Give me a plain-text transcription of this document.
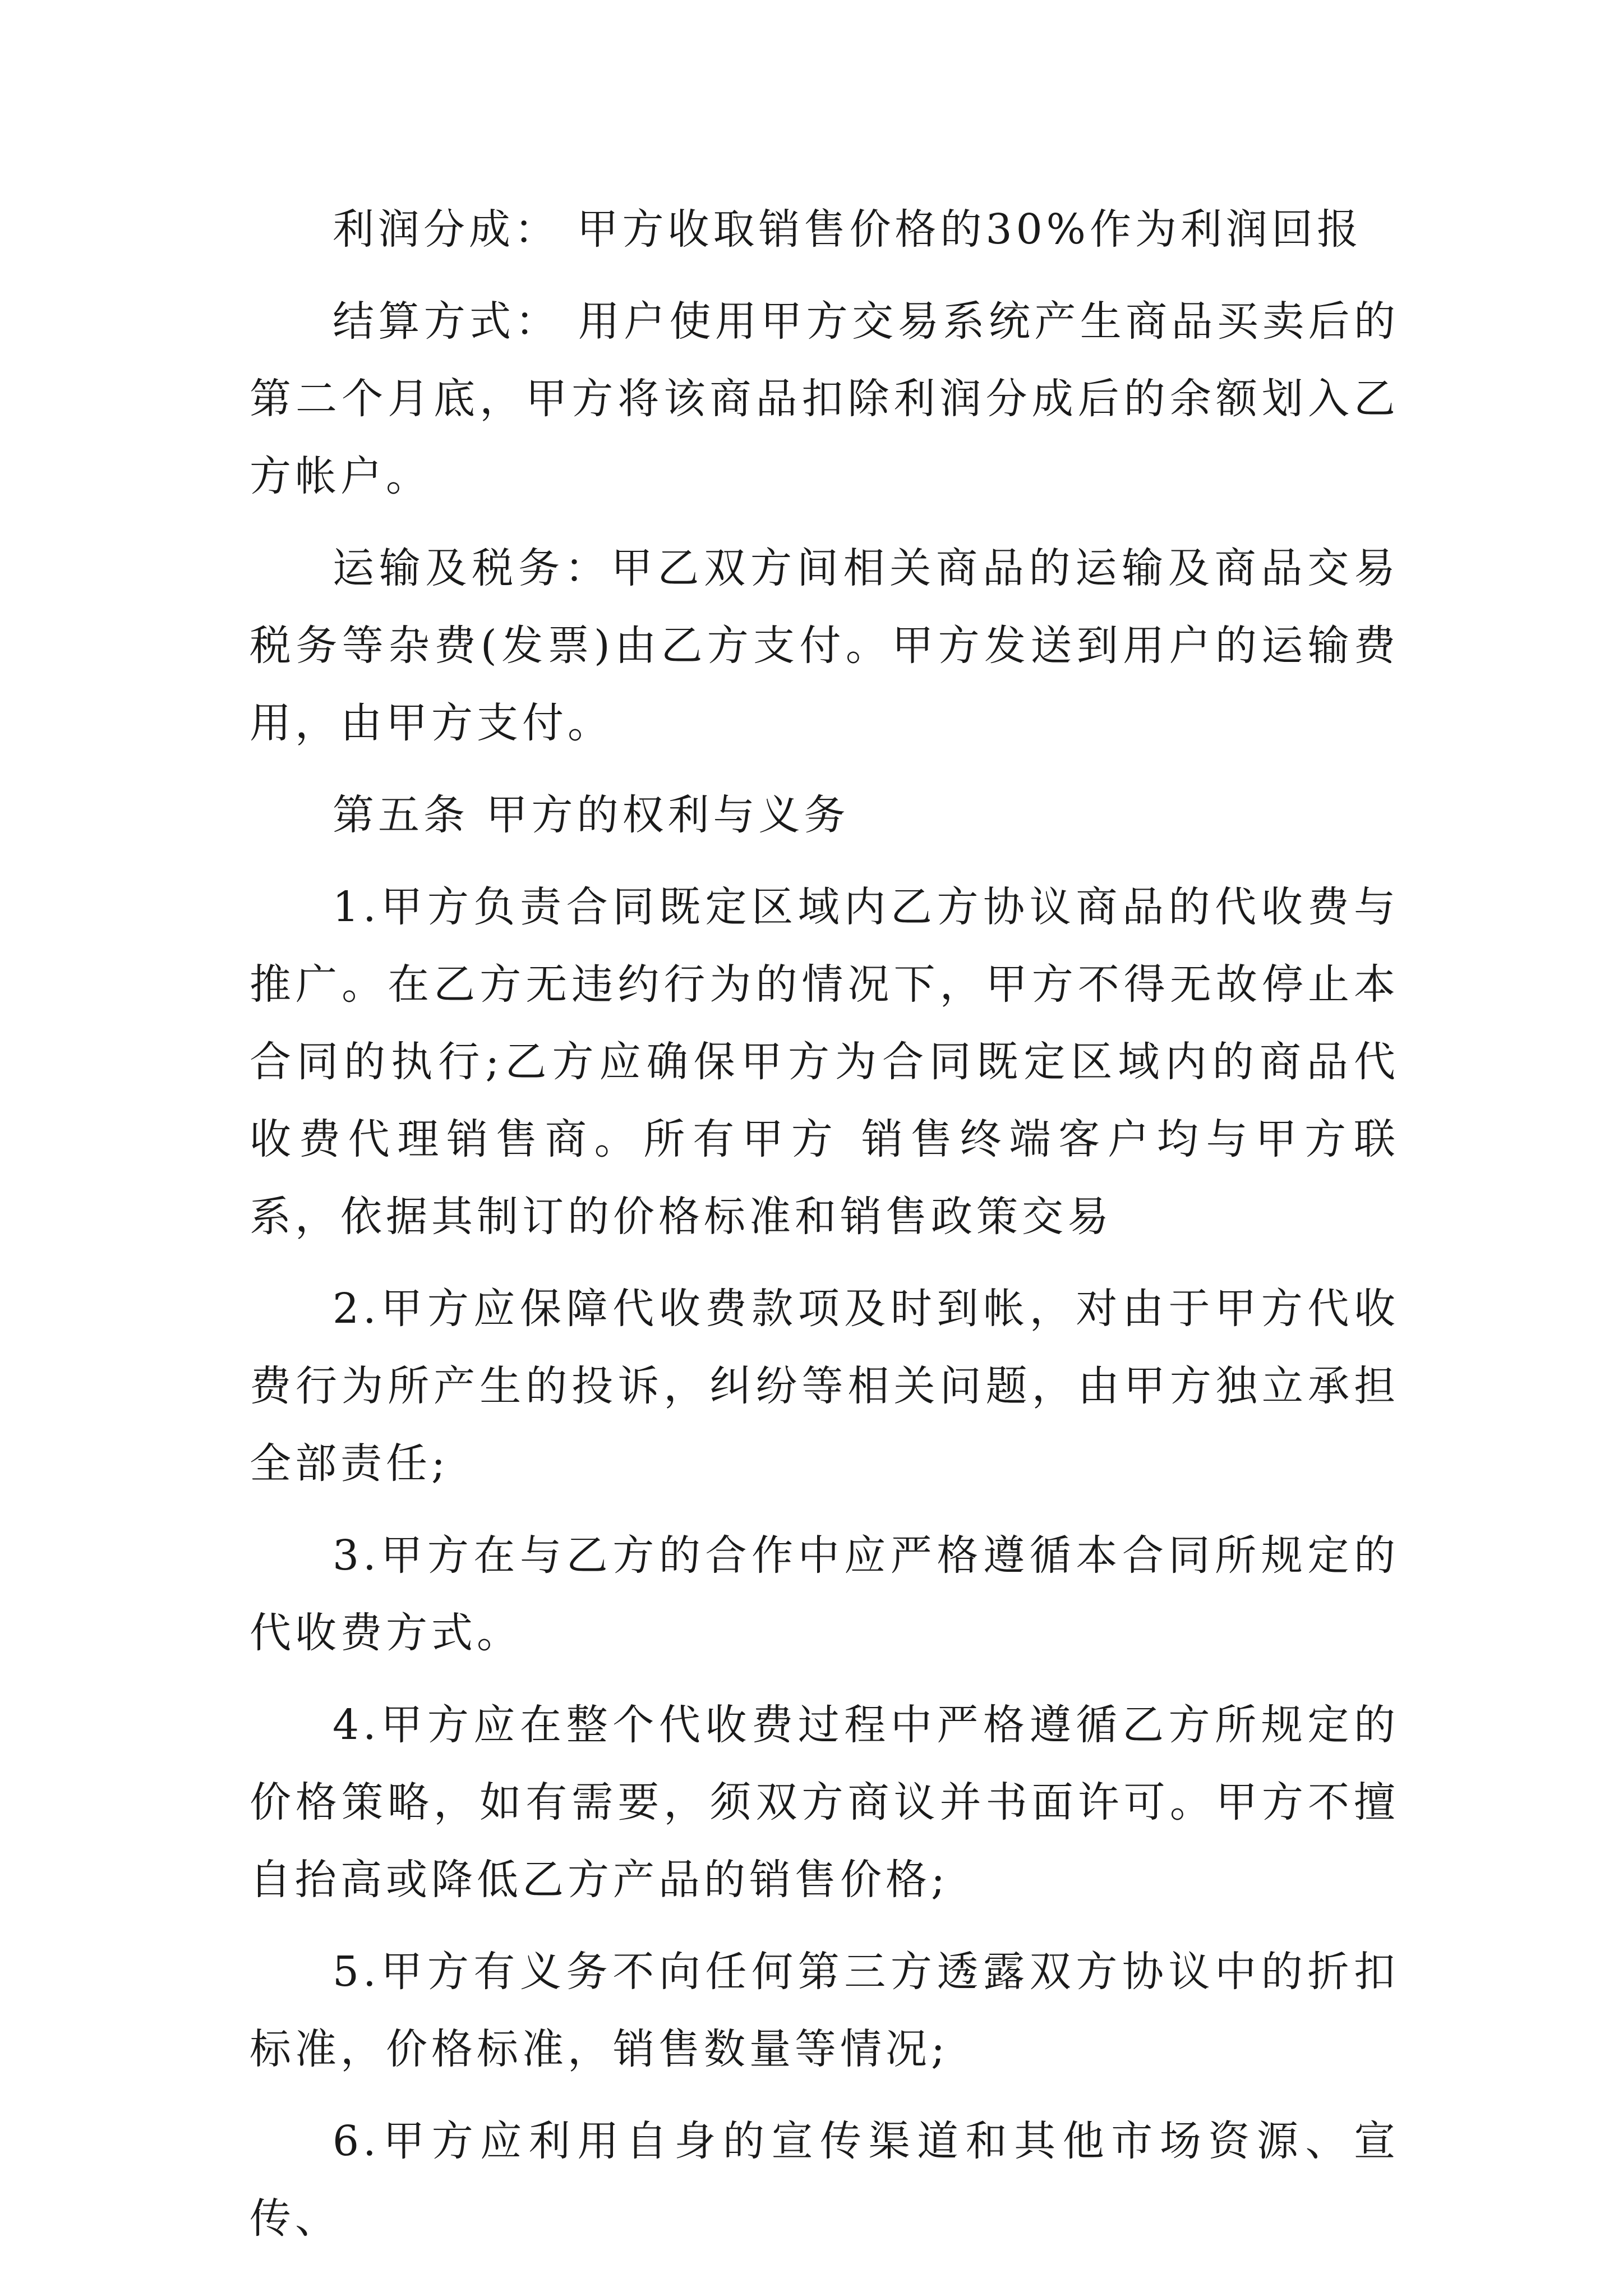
利润分成： 甲方收取销售价格的30%作为利润回报

结算方式： 用户使用甲方交易系统产生商品买卖后的第二个月底，甲方将该商品扣除利润分成后的余额划入乙方帐户。

运输及税务：甲乙双方间相关商品的运输及商品交易税务等杂费(发票)由乙方支付。甲方发送到用户的运输费用，由甲方支付。

第五条 甲方的权利与义务

1.甲方负责合同既定区域内乙方协议商品的代收费与推广。在乙方无违约行为的情况下，甲方不得无故停止本合同的执行;乙方应确保甲方为合同既定区域内的商品代收费代理销售商。所有甲方 销售终端客户均与甲方联系，依据其制订的价格标准和销售政策交易

2.甲方应保障代收费款项及时到帐，对由于甲方代收费行为所产生的投诉，纠纷等相关问题，由甲方独立承担全部责任;

3.甲方在与乙方的合作中应严格遵循本合同所规定的代收费方式。

4.甲方应在整个代收费过程中严格遵循乙方所规定的价格策略，如有需要，须双方商议并书面许可。甲方不擅自抬高或降低乙方产品的销售价格;

5.甲方有义务不向任何第三方透露双方协议中的折扣标准，价格标准，销售数量等情况;

6.甲方应利用自身的宣传渠道和其他市场资源、宣传、
